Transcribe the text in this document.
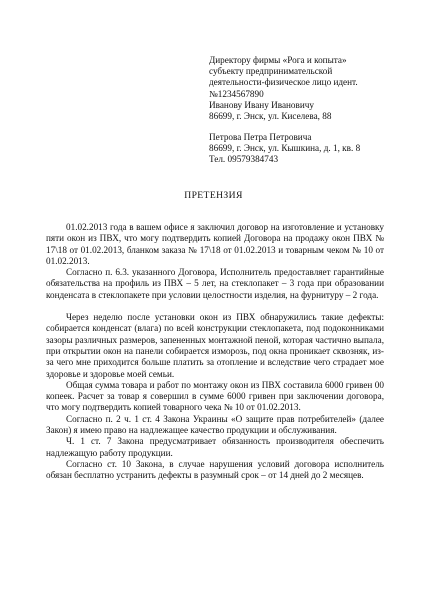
Директору фирмы «Рога и копыта»
субъекту предпринимательской
деятельности-физическое лицо идент.
№1234567890
Иванову Ивану Ивановичу
86699, г. Энск, ул. Киселева, 88
Петрова Петра Петровича
86699, г. Энск, ул. Кышкина, д. 1, кв. 8
Тел. 09579384743
ПРЕТЕНЗИЯ

01.02.2013 года в вашем офисе я заключил договор на изготовление и установку пяти окон из ПВХ, что могу подтвердить копией Договора на продажу окон ПВХ № 17\18 от 01.02.2013, бланком заказа № 17\18 от 01.02.2013 и товарным чеком № 10 от 01.02.2013.

Согласно п. 6.3. указанного Договора, Исполнитель предоставляет гарантийные обязательства на профиль из ПВХ – 5 лет, на стеклопакет – 3 года при образовании конденсата в стеклопакете при условии целостности изделия, на фурнитуру – 2 года.

Через неделю после установки окон из ПВХ обнаружились такие дефекты: собирается конденсат (влага) по всей конструкции стеклопакета, под подоконниками зазоры различных размеров, запененных монтажной пеной, которая частично выпала, при открытии окон на панели собирается изморозь, под окна проникает сквозняк, из-за чего мне приходится больше платить за отопление и вследствие чего страдает мое здоровье и здоровье моей семьи.

Общая сумма товара и работ по монтажу окон из ПВХ составила 6000 гривен 00 копеек. Расчет за товар я совершил в сумме 6000 гривен при заключении договора, что могу подтвердить копией товарного чека № 10 от 01.02.2013.

Согласно п. 2 ч. 1 ст. 4 Закона Украины «О защите прав потребителей» (далее Закон) я имею право на надлежащее качество продукции и обслуживания.

Ч. 1 ст. 7 Закона предусматривает обязанность производителя обеспечить надлежащую работу продукции.

Согласно ст. 10 Закона, в случае нарушения условий договора исполнитель обязан бесплатно устранить дефекты в разумный срок – от 14 дней до 2 месяцев.
